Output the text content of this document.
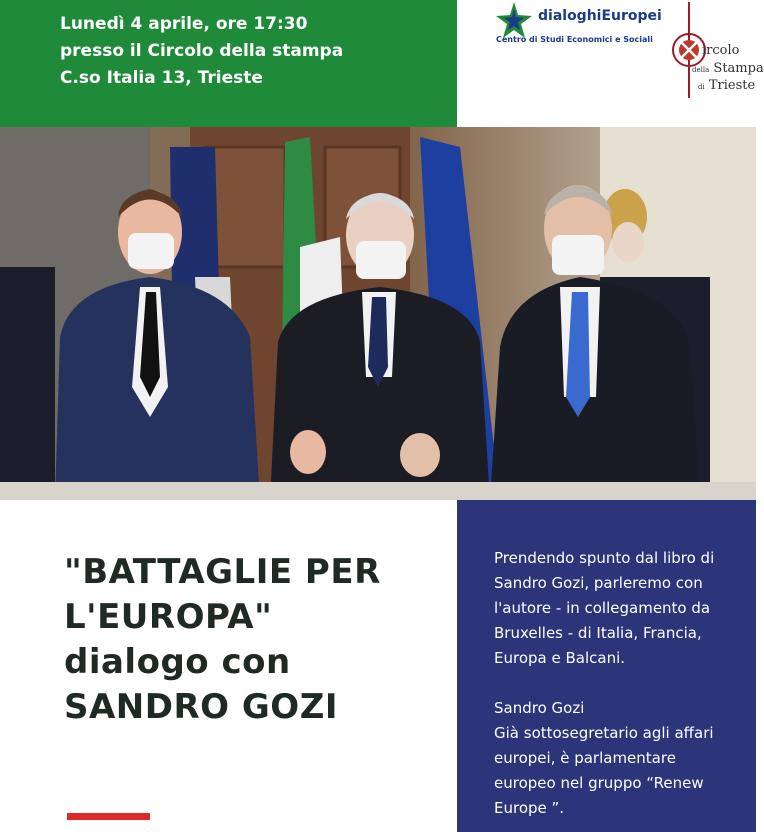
Lunedì 4 aprile, ore 17:30

presso il Circolo della stampa

C.so Italia 13, Trieste

dialoghiEuropei
Centro di Studi Economici e Sociali
ircolo
della Stampa
di Trieste
"BATTAGLIE PER
L'EUROPA"
dialogo con
SANDRO GOZI

Prendendo spunto dal libro di

Sandro Gozi, parleremo con

l'autore - in collegamento da

Bruxelles - di Italia, Francia,

Europa e Balcani.

Sandro Gozi

Già sottosegretario agli affari

europei, è parlamentare

europeo nel gruppo “Renew

Europe ”.
